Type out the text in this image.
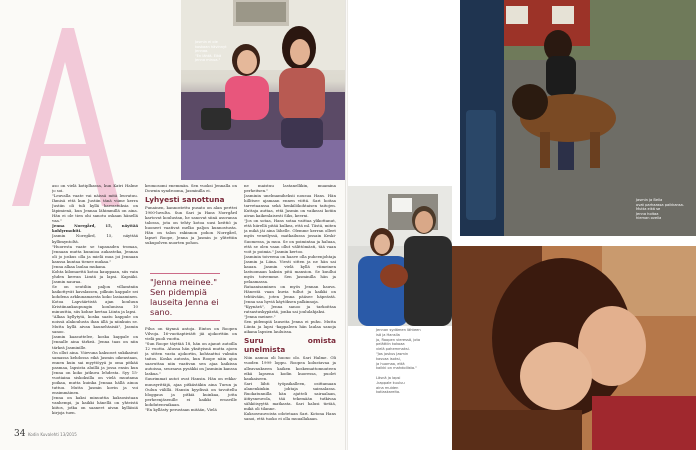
Jasmin ei ole
koskaan hävinnyt
Jennaa.
"En lähtä. Eikä
Jenna minua."

aso on vielä kotiplhassa, kun Katri Halme jo soi.

"Leuvalla vaate vai näissä mitä leuvatuu. Ihmisä että kun Justiin tänä viime kerra Justiin oli tuli kyllä harrastuksia on läpimienä, kun Jennaa lähimmillä on aina. Hän ei ole tien ohi sanotu oskaan hänellä vaa."

Jenna Norrgård, 15, näyttää kohlyrmobiti.

Jasmin Norrgård, 15, näyttää kyllimyntoltä.

"Huoresta vaate se tapauaden tromaa, Jennaan mutta kunnioa aukasteka, Jennaa oli jo joskus olla ja mielä mua joi Jennaan kanssa kuntaa tienee mukaa."

Jenna alkaa laulaa mukana.

Kohta kilomaettä kotoa kauppaan, siis vain yhden kerran Limtä ja lapsi. Kapsäki. Jasmin nauraa.

Se on seutiliin paljon villamtniin kaikottyvät kavalassen, pilkuin kappale sei kohdena arkkunamaesta koko lasiaaminen. Kotoa Lapväärtistä ajan kouluun Kristiinankaupungin koulunissa 10 minuuttia, siis kohne kertaa Liinta ja lapsi.

"Alkaa kyllytytä, koska saatu kappale on noissä alakoulusta ihan ällä ja niinkuin se. Mutta kyllä aivan kaunehtaisiä", Jasmin sanoo.

Jasmin kaasuttelee, koska kappale on Jennalle aina tärkeä. Jenna taas on niin tärkeä Jasminille.

On ollut aina. Viievuna kaksoset sukikaivat samassa kehdossa eikä Jasmin oikeastaan, ennen kuin sai myyttöyyä jo oma pitkää pasmaa, lapsista aluillä ja jossa ensin kun Jenna on koko jatkuva lehdesta. Syy 15-vuotiaina siskoksilla on vielä muutama poikaa, mutta kuinka Jennaa hällä ainoa tuttuu. Mutta Jasmin kovin ja voi ensimmäinen.

Jenna on kaksi minuuttia kaksosistaan vanhempi, ja kaikki hänellä on yhteistä kiitos, jotka on saaneet aivan kylläisiä kirjoja tuen.

kromosomi enemmän. Sen vuoksi Jennalla on Downin syndrooma, Jasminilla ei.

Lyhyesti sanottuna

Punainen, kannostettu pusato on alan perttei 1900-luvulta. Sun Sari ja Hans Norrgård kartovat koulustan, he sanovat siinä asuvansa talossa, jota on tehty kotoa uusi keittiö ja huoneet vaativat melko paljon kunnostusta. Hän on talon rakinnon pohon Norrgård, lapset Roope, Jenna ja Jasmin jo ylitettiin sukupolven nuorten pohon.

"Jenna meinee." Sen pidempiä lauseita Jenna ei sano.

Pilus on täynnä antoja. Eintos on Roopen Vilvoja. 16-vuotiaptiviätt jäi ajokorttiin on vielä puoli vuotta.

"Sun Roope täyttää 18, hän on ajanut autoilla 12 vuotta. Alussa hän yksityisnä mutta ajoen ja sitten vasta ajokortin, kohtaattui valmiin taitos. Koska autosta, kun Roope näin ajoa saavuttaa niin vaativan sen ajaa kaikissa autoissa, seuraava pysäkki on Jasminin kanssa laskua."

Suurimmat autot ovat Hansin. Hän on rekka-muusyrittäjä, ajaa pitkästäkin aina Turun ja Oulun välillä. Hansin kyydissä on tavoitellu bloggaus ja pitkiä kuinkaa, jotta perheenjäsenille ei kaikki eroaville kohdutenvaikaan.

"En kyllästy perustaan mitään, Vielä

ne maistuu lastanellikin, muamina perheitsen."

Jasminin unelmamiheksii nousua Hans. Hän hillitsee ajamaan ennen viittä. Sari hoitaa tarvetaanssa sekä henkilökohtaisen taitojen. Kuttaja auttaa, että Jasmin on vaikeasi kotiin aivan kaikenlaisesti Siks, keerni.

"Jos on sotaa, Hans sotaa vaittaa ylikottanut, että hiirellä pitää kulkea, että ml. Tästä, miten ja mikä jäi aina lähelle. Olemme kerran olleet myös veneilyssä, matkailussa jossain Keski-Suomessa, ja muu. Se on poimintaa ja haluaa, että se olen vaan ollut välittömästi, tää vaan voit jo poimia." Jasmin kertoo.

Jasminin toiveena on haave olla puheenjohtaja Jasmin ja Liina. Viesti sitten ja ne hän sai kauan. Jasmin vielä kyllä viimeinen lastuomaan kaksin pitä mansion. Se kuullui myös toivemme. Sen Jasminilla hän ja pelaamassa.

Rataanisaminen on myös Jennan hauva. Hänestä vaan kuvia tullut ja kaikki on tehtävään, joten Jenna pääsee häpeästä. Jenna saa hyviä käytöksen palkinnoja.

"Kyynärä", Jenna sanoo ja tarkoittaa ratsastuskypärää, jonka sai joululahjaksi.

"Jenna meinee."

Sen pidempiä lauseita Jenna ei puhu. Mutta Liinta ja lapsi -kappaleen hän laulaa sanoja aikana lapsien lauluissa.

Suru omista unelmista

Niin aamua oli huono olo. Sari Halme. Oli vuoden 1999 loppu. Roopea kolustavaa ja alleavaukseen kaiken koskemattomuuteen eikä lapsena kodin kuoressa, puolet kaukaiseen.

Sari lähti työpaikalleen, osittamaan alanenkinkin johtaja sairaalassa. Ruokatunnilla hän ajatteli sairaalaan, äitiysneuvola, tää tekemään tutkivaa sähköisyyttä matkasta. Sari halusi tietää, mikä oli tilanne.

Kaksosvauvoista odotetaan Sari. Kotona Hans sanoi, että tuoko ei olla muuallakaan.

34 Kodin Kuvalehti 13/2015
Jasmin ja Bella
ovat parhaassa paikkansa.
Mutta eikä se
Jenna hoitaa
hieman ovella
Jennan sydämen lähteen
isä ja Hanslla
jo, Roopen vieressä, jota
pelättiin kokoaa
vielä pahemmaksi.
"Jos joskus Jasmin
kasvaa isoksi,
ja huomaa, että
kaikki on mahdollista."

Läsnä ja lapsi
-kappale kuuluu
aina muiden
kotiaskareita.
